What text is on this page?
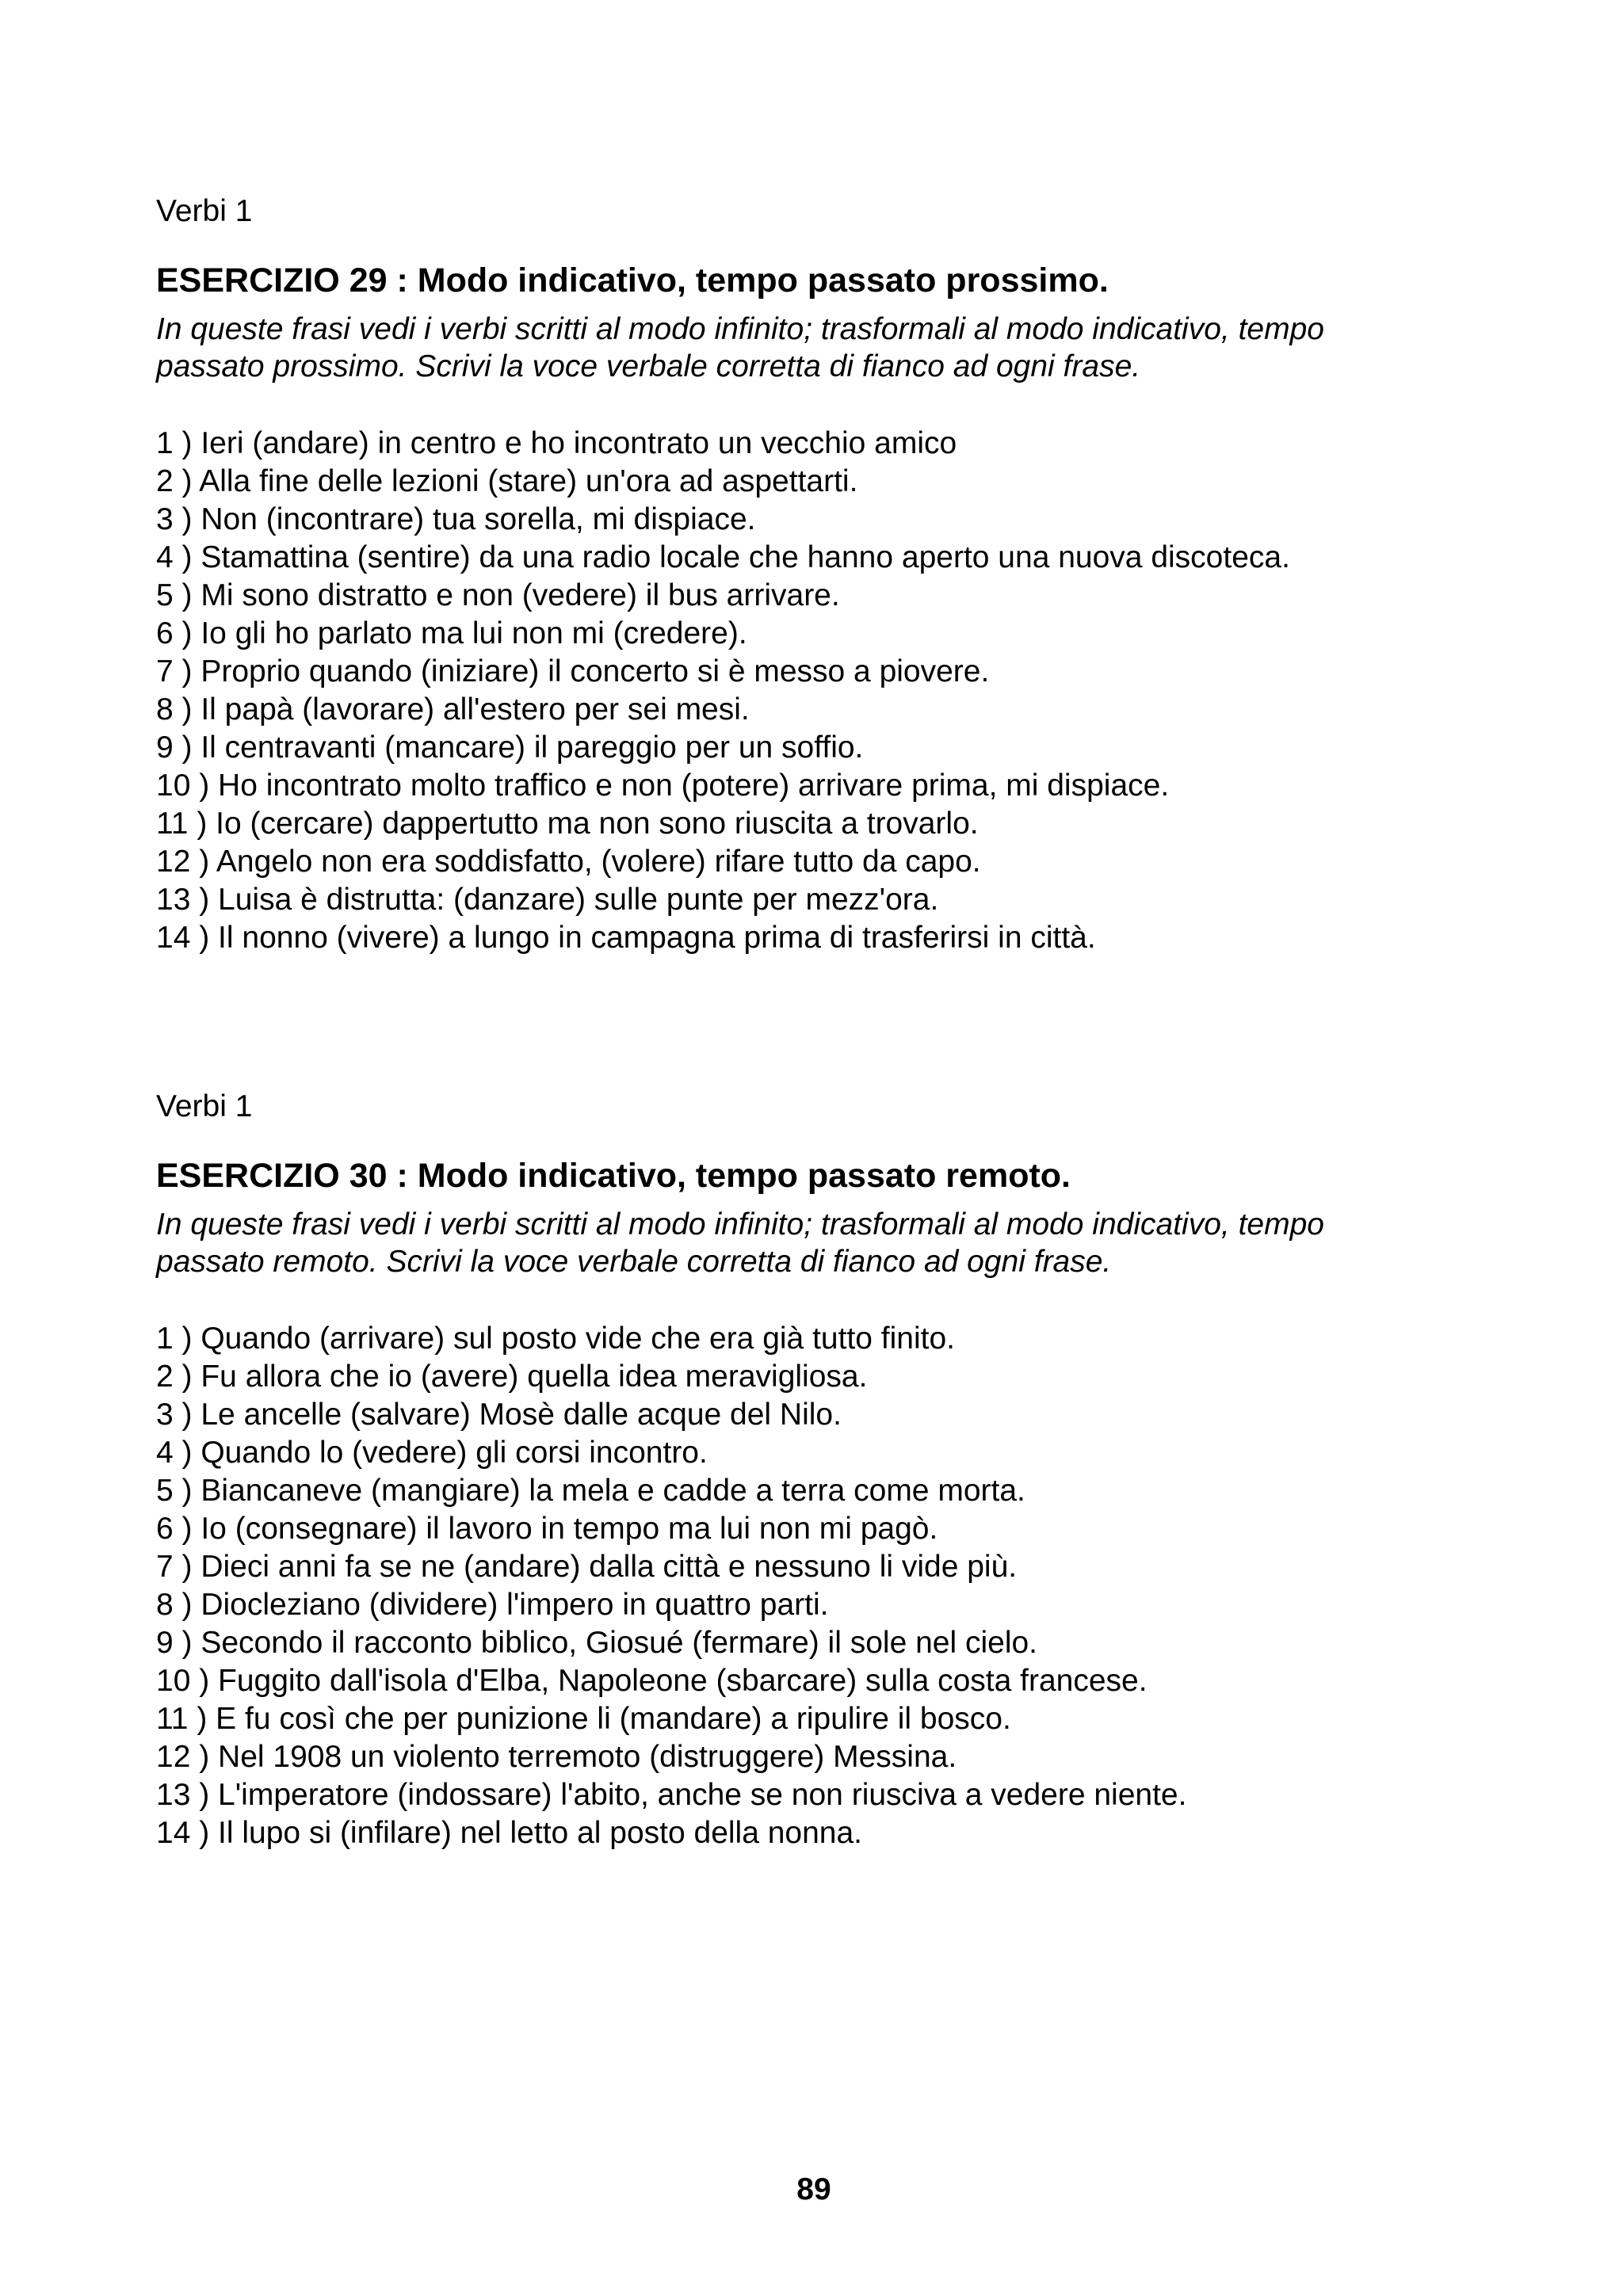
Verbi 1
ESERCIZIO 29 : Modo indicativo, tempo passato prossimo.

In queste frasi vedi i verbi scritti al modo infinito; trasformali al modo indicativo, tempo
passato prossimo. Scrivi la voce verbale corretta di fianco ad ogni frase.

1 ) Ieri (andare) in centro e ho incontrato un vecchio amico
2 ) Alla fine delle lezioni (stare) un'ora ad aspettarti.
3 ) Non (incontrare) tua sorella, mi dispiace.
4 ) Stamattina (sentire) da una radio locale che hanno aperto una nuova discoteca.
5 ) Mi sono distratto e non (vedere) il bus arrivare.
6 ) Io gli ho parlato ma lui non mi (credere).
7 ) Proprio quando (iniziare) il concerto si è messo a piovere.
8 ) Il papà (lavorare) all'estero per sei mesi.
9 ) Il centravanti (mancare) il pareggio per un soffio.
10 ) Ho incontrato molto traffico e non (potere) arrivare prima, mi dispiace.
11 ) Io (cercare) dappertutto ma non sono riuscita a trovarlo.
12 ) Angelo non era soddisfatto, (volere) rifare tutto da capo.
13 ) Luisa è distrutta: (danzare) sulle punte per mezz'ora.
14 ) Il nonno (vivere) a lungo in campagna prima di trasferirsi in città.
Verbi 1
ESERCIZIO 30 : Modo indicativo, tempo passato remoto.

In queste frasi vedi i verbi scritti al modo infinito; trasformali al modo indicativo, tempo
passato remoto. Scrivi la voce verbale corretta di fianco ad ogni frase.

1 ) Quando (arrivare) sul posto vide che era già tutto finito.
2 ) Fu allora che io (avere) quella idea meravigliosa.
3 ) Le ancelle (salvare) Mosè dalle acque del Nilo.
4 ) Quando lo (vedere) gli corsi incontro.
5 ) Biancaneve (mangiare) la mela e cadde a terra come morta.
6 ) Io (consegnare) il lavoro in tempo ma lui non mi pagò.
7 ) Dieci anni fa se ne (andare) dalla città e nessuno li vide più.
8 ) Diocleziano (dividere) l'impero in quattro parti.
9 ) Secondo il racconto biblico, Giosué (fermare) il sole nel cielo.
10 ) Fuggito dall'isola d'Elba, Napoleone (sbarcare) sulla costa francese.
11 ) E fu così che per punizione li (mandare) a ripulire il bosco.
12 ) Nel 1908 un violento terremoto (distruggere) Messina.
13 ) L'imperatore (indossare) l'abito, anche se non riusciva a vedere niente.
14 ) Il lupo si (infilare) nel letto al posto della nonna.
89
